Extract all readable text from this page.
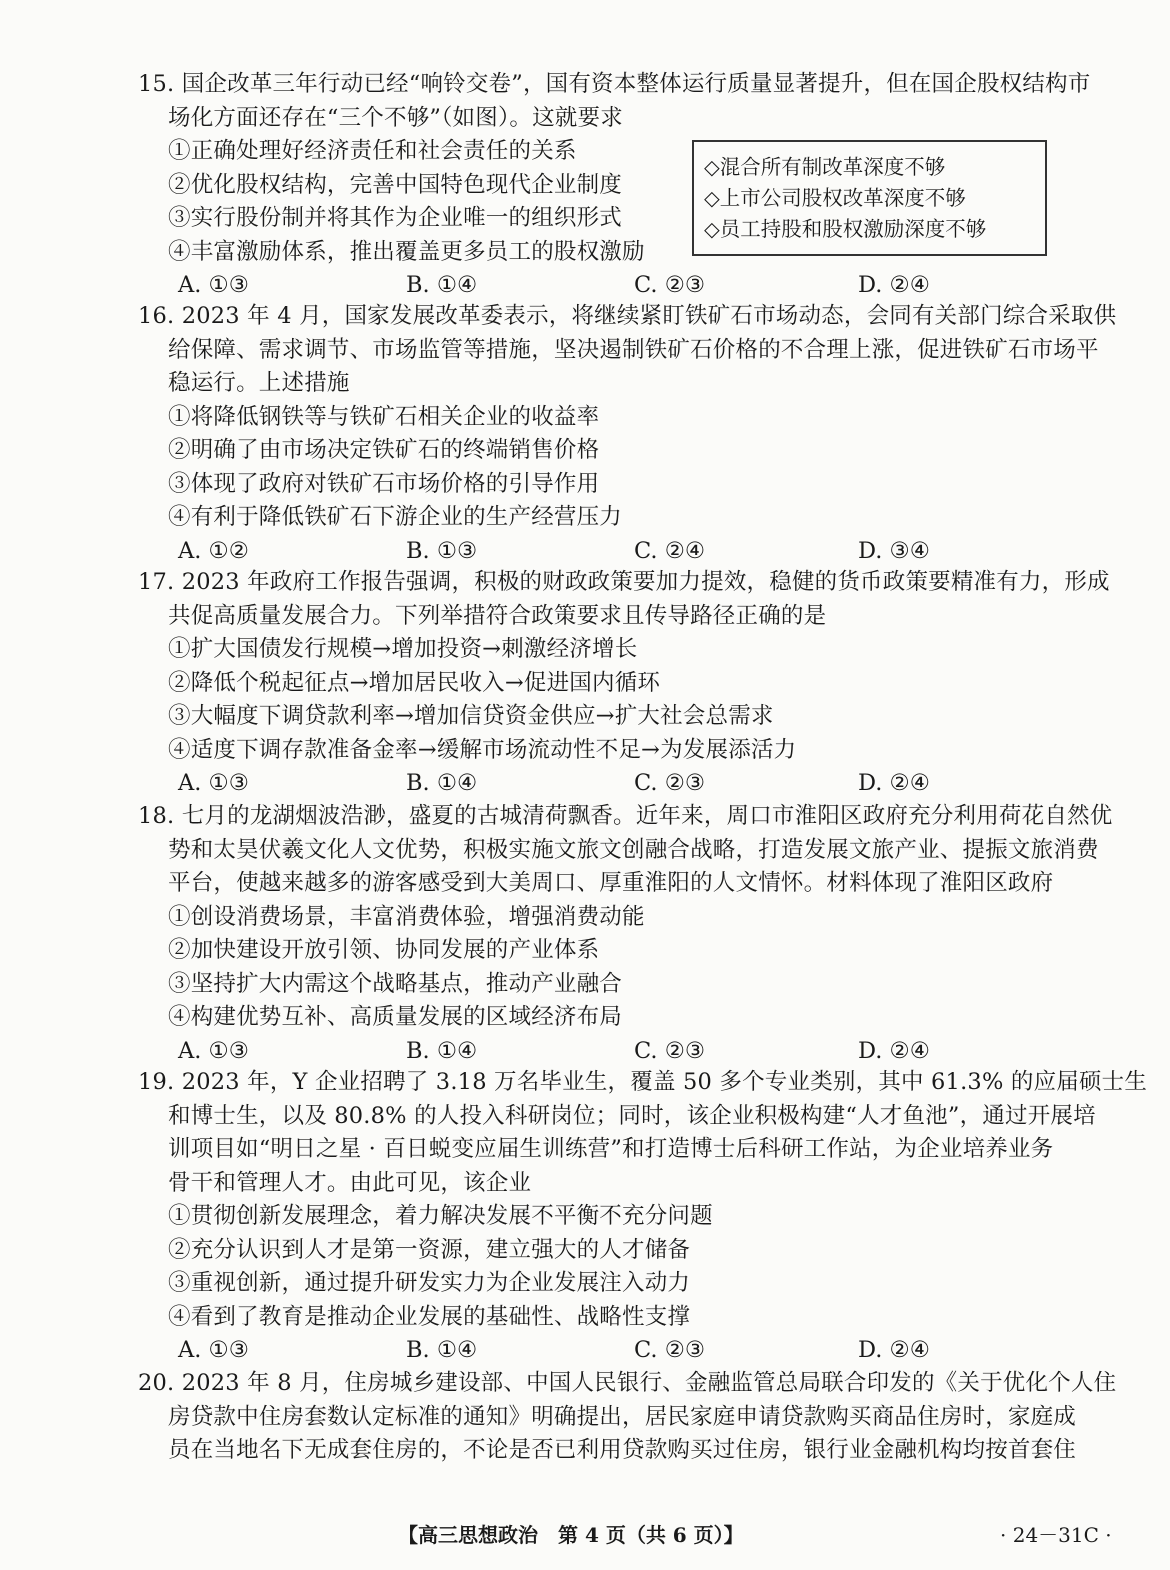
15. 国企改革三年行动已经“响铃交卷”，国有资本整体运行质量显著提升，但在国企股权结构市
场化方面还存在“三个不够”（如图）。这就要求
①正确处理好经济责任和社会责任的关系
②优化股权结构，完善中国特色现代企业制度
③实行股份制并将其作为企业唯一的组织形式
④丰富激励体系，推出覆盖更多员工的股权激励
A. ①③	B. ①④	C. ②③	D. ②④
◇混合所有制改革深度不够
◇上市公司股权改革深度不够
◇员工持股和股权激励深度不够
16. 2023 年 4 月，国家发展改革委表示，将继续紧盯铁矿石市场动态，会同有关部门综合采取供
给保障、需求调节、市场监管等措施，坚决遏制铁矿石价格的不合理上涨，促进铁矿石市场平
稳运行。上述措施
①将降低钢铁等与铁矿石相关企业的收益率
②明确了由市场决定铁矿石的终端销售价格
③体现了政府对铁矿石市场价格的引导作用
④有利于降低铁矿石下游企业的生产经营压力
A. ①②	B. ①③	C. ②④	D. ③④
17. 2023 年政府工作报告强调，积极的财政政策要加力提效，稳健的货币政策要精准有力，形成
共促高质量发展合力。下列举措符合政策要求且传导路径正确的是
①扩大国债发行规模→增加投资→刺激经济增长
②降低个税起征点→增加居民收入→促进国内循环
③大幅度下调贷款利率→增加信贷资金供应→扩大社会总需求
④适度下调存款准备金率→缓解市场流动性不足→为发展添活力
A. ①③	B. ①④	C. ②③	D. ②④
18. 七月的龙湖烟波浩渺，盛夏的古城清荷飘香。近年来，周口市淮阳区政府充分利用荷花自然优
势和太昊伏羲文化人文优势，积极实施文旅文创融合战略，打造发展文旅产业、提振文旅消费
平台，使越来越多的游客感受到大美周口、厚重淮阳的人文情怀。材料体现了淮阳区政府
①创设消费场景，丰富消费体验，增强消费动能
②加快建设开放引领、协同发展的产业体系
③坚持扩大内需这个战略基点，推动产业融合
④构建优势互补、高质量发展的区域经济布局
A. ①③	B. ①④	C. ②③	D. ②④
19. 2023 年，Y 企业招聘了 3.18 万名毕业生，覆盖 50 多个专业类别，其中 61.3% 的应届硕士生
和博士生，以及 80.8% 的人投入科研岗位；同时，该企业积极构建“人才鱼池”，通过开展培
训项目如“明日之星 · 百日蜕变应届生训练营”和打造博士后科研工作站，为企业培养业务
骨干和管理人才。由此可见，该企业
①贯彻创新发展理念，着力解决发展不平衡不充分问题
②充分认识到人才是第一资源，建立强大的人才储备
③重视创新，通过提升研发实力为企业发展注入动力
④看到了教育是推动企业发展的基础性、战略性支撑
A. ①③	B. ①④	C. ②③	D. ②④
20. 2023 年 8 月，住房城乡建设部、中国人民银行、金融监管总局联合印发的《关于优化个人住
房贷款中住房套数认定标准的通知》明确提出，居民家庭申请贷款购买商品住房时，家庭成
员在当地名下无成套住房的，不论是否已利用贷款购买过住房，银行业金融机构均按首套住
【高三思想政治　第 4 页（共 6 页）】	· 24－31C ·
